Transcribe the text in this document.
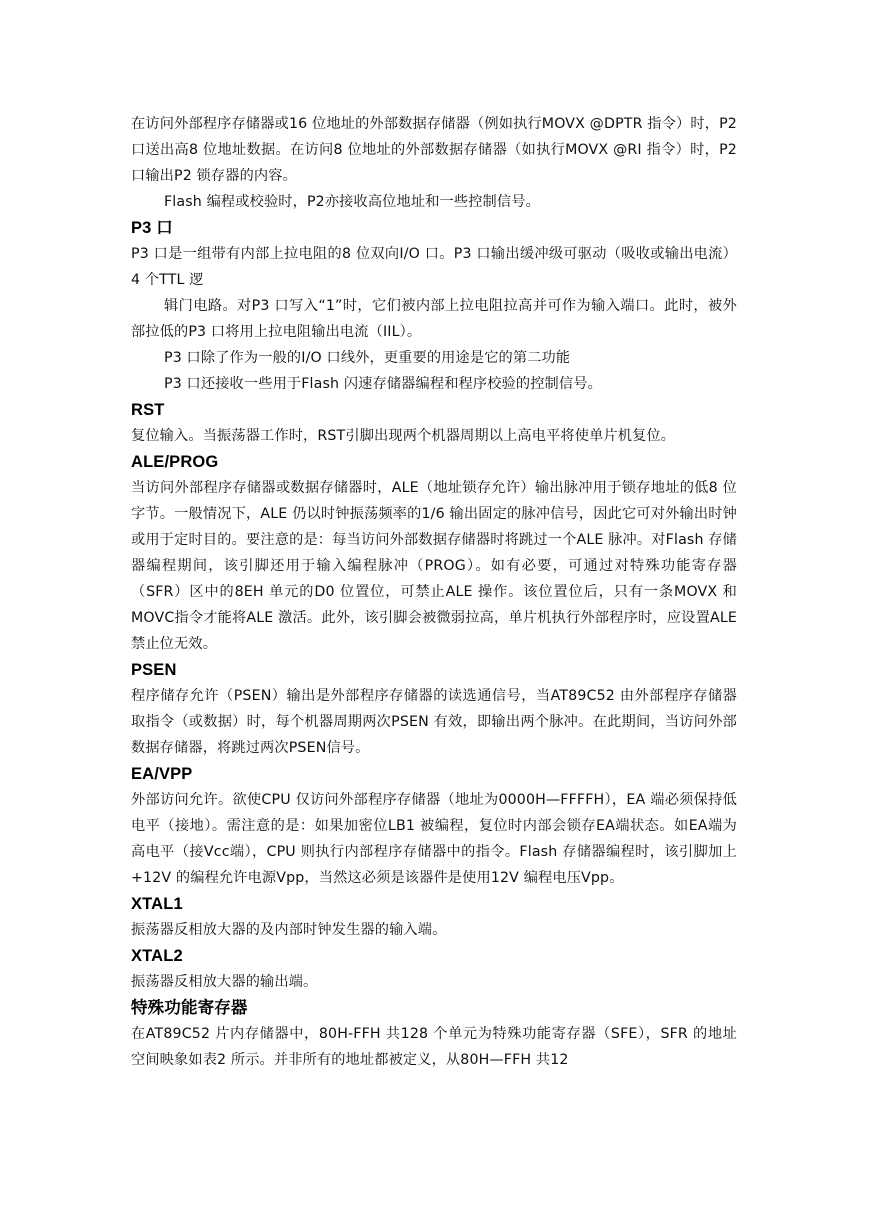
在访问外部程序存储器或16 位地址的外部数据存储器（例如执行MOVX @DPTR 指令）时，P2 口送出高8 位地址数据。在访问8 位地址的外部数据存储器（如执行MOVX @RI 指令）时，P2 口输出P2 锁存器的内容。

Flash 编程或校验时，P2亦接收高位地址和一些控制信号。

P3 口

P3 口是一组带有内部上拉电阻的8 位双向I/O 口。P3 口输出缓冲级可驱动（吸收或输出电流）4 个TTL 逻

辑门电路。对P3 口写入“1”时，它们被内部上拉电阻拉高并可作为输入端口。此时，被外部拉低的P3 口将用上拉电阻输出电流（IIL）。

P3 口除了作为一般的I/O 口线外，更重要的用途是它的第二功能

P3 口还接收一些用于Flash 闪速存储器编程和程序校验的控制信号。

RST

复位输入。当振荡器工作时，RST引脚出现两个机器周期以上高电平将使单片机复位。

ALE/PROG

当访问外部程序存储器或数据存储器时，ALE（地址锁存允许）输出脉冲用于锁存地址的低8 位字节。一般情况下，ALE 仍以时钟振荡频率的1/6 输出固定的脉冲信号，因此它可对外输出时钟或用于定时目的。要注意的是：每当访问外部数据存储器时将跳过一个ALE 脉冲。对Flash 存储器编程期间，该引脚还用于输入编程脉冲（PROG）。如有必要，可通过对特殊功能寄存器（SFR）区中的8EH 单元的D0 位置位，可禁止ALE 操作。该位置位后，只有一条MOVX 和MOVC指令才能将ALE 激活。此外，该引脚会被微弱拉高，单片机执行外部程序时，应设置ALE 禁止位无效。

PSEN

程序储存允许（PSEN）输出是外部程序存储器的读选通信号，当AT89C52 由外部程序存储器取指令（或数据）时，每个机器周期两次PSEN 有效，即输出两个脉冲。在此期间，当访问外部数据存储器，将跳过两次PSEN信号。

EA/VPP

外部访问允许。欲使CPU 仅访问外部程序存储器（地址为0000H—FFFFH），EA 端必须保持低电平（接地）。需注意的是：如果加密位LB1 被编程，复位时内部会锁存EA端状态。如EA端为高电平（接Vcc端），CPU 则执行内部程序存储器中的指令。Flash 存储器编程时，该引脚加上+12V 的编程允许电源Vpp，当然这必须是该器件是使用12V 编程电压Vpp。

XTAL1

振荡器反相放大器的及内部时钟发生器的输入端。

XTAL2

振荡器反相放大器的输出端。

特殊功能寄存器

在AT89C52 片内存储器中，80H-FFH 共128 个单元为特殊功能寄存器（SFE），SFR 的地址空间映象如表2 所示。并非所有的地址都被定义，从80H—FFH 共12
